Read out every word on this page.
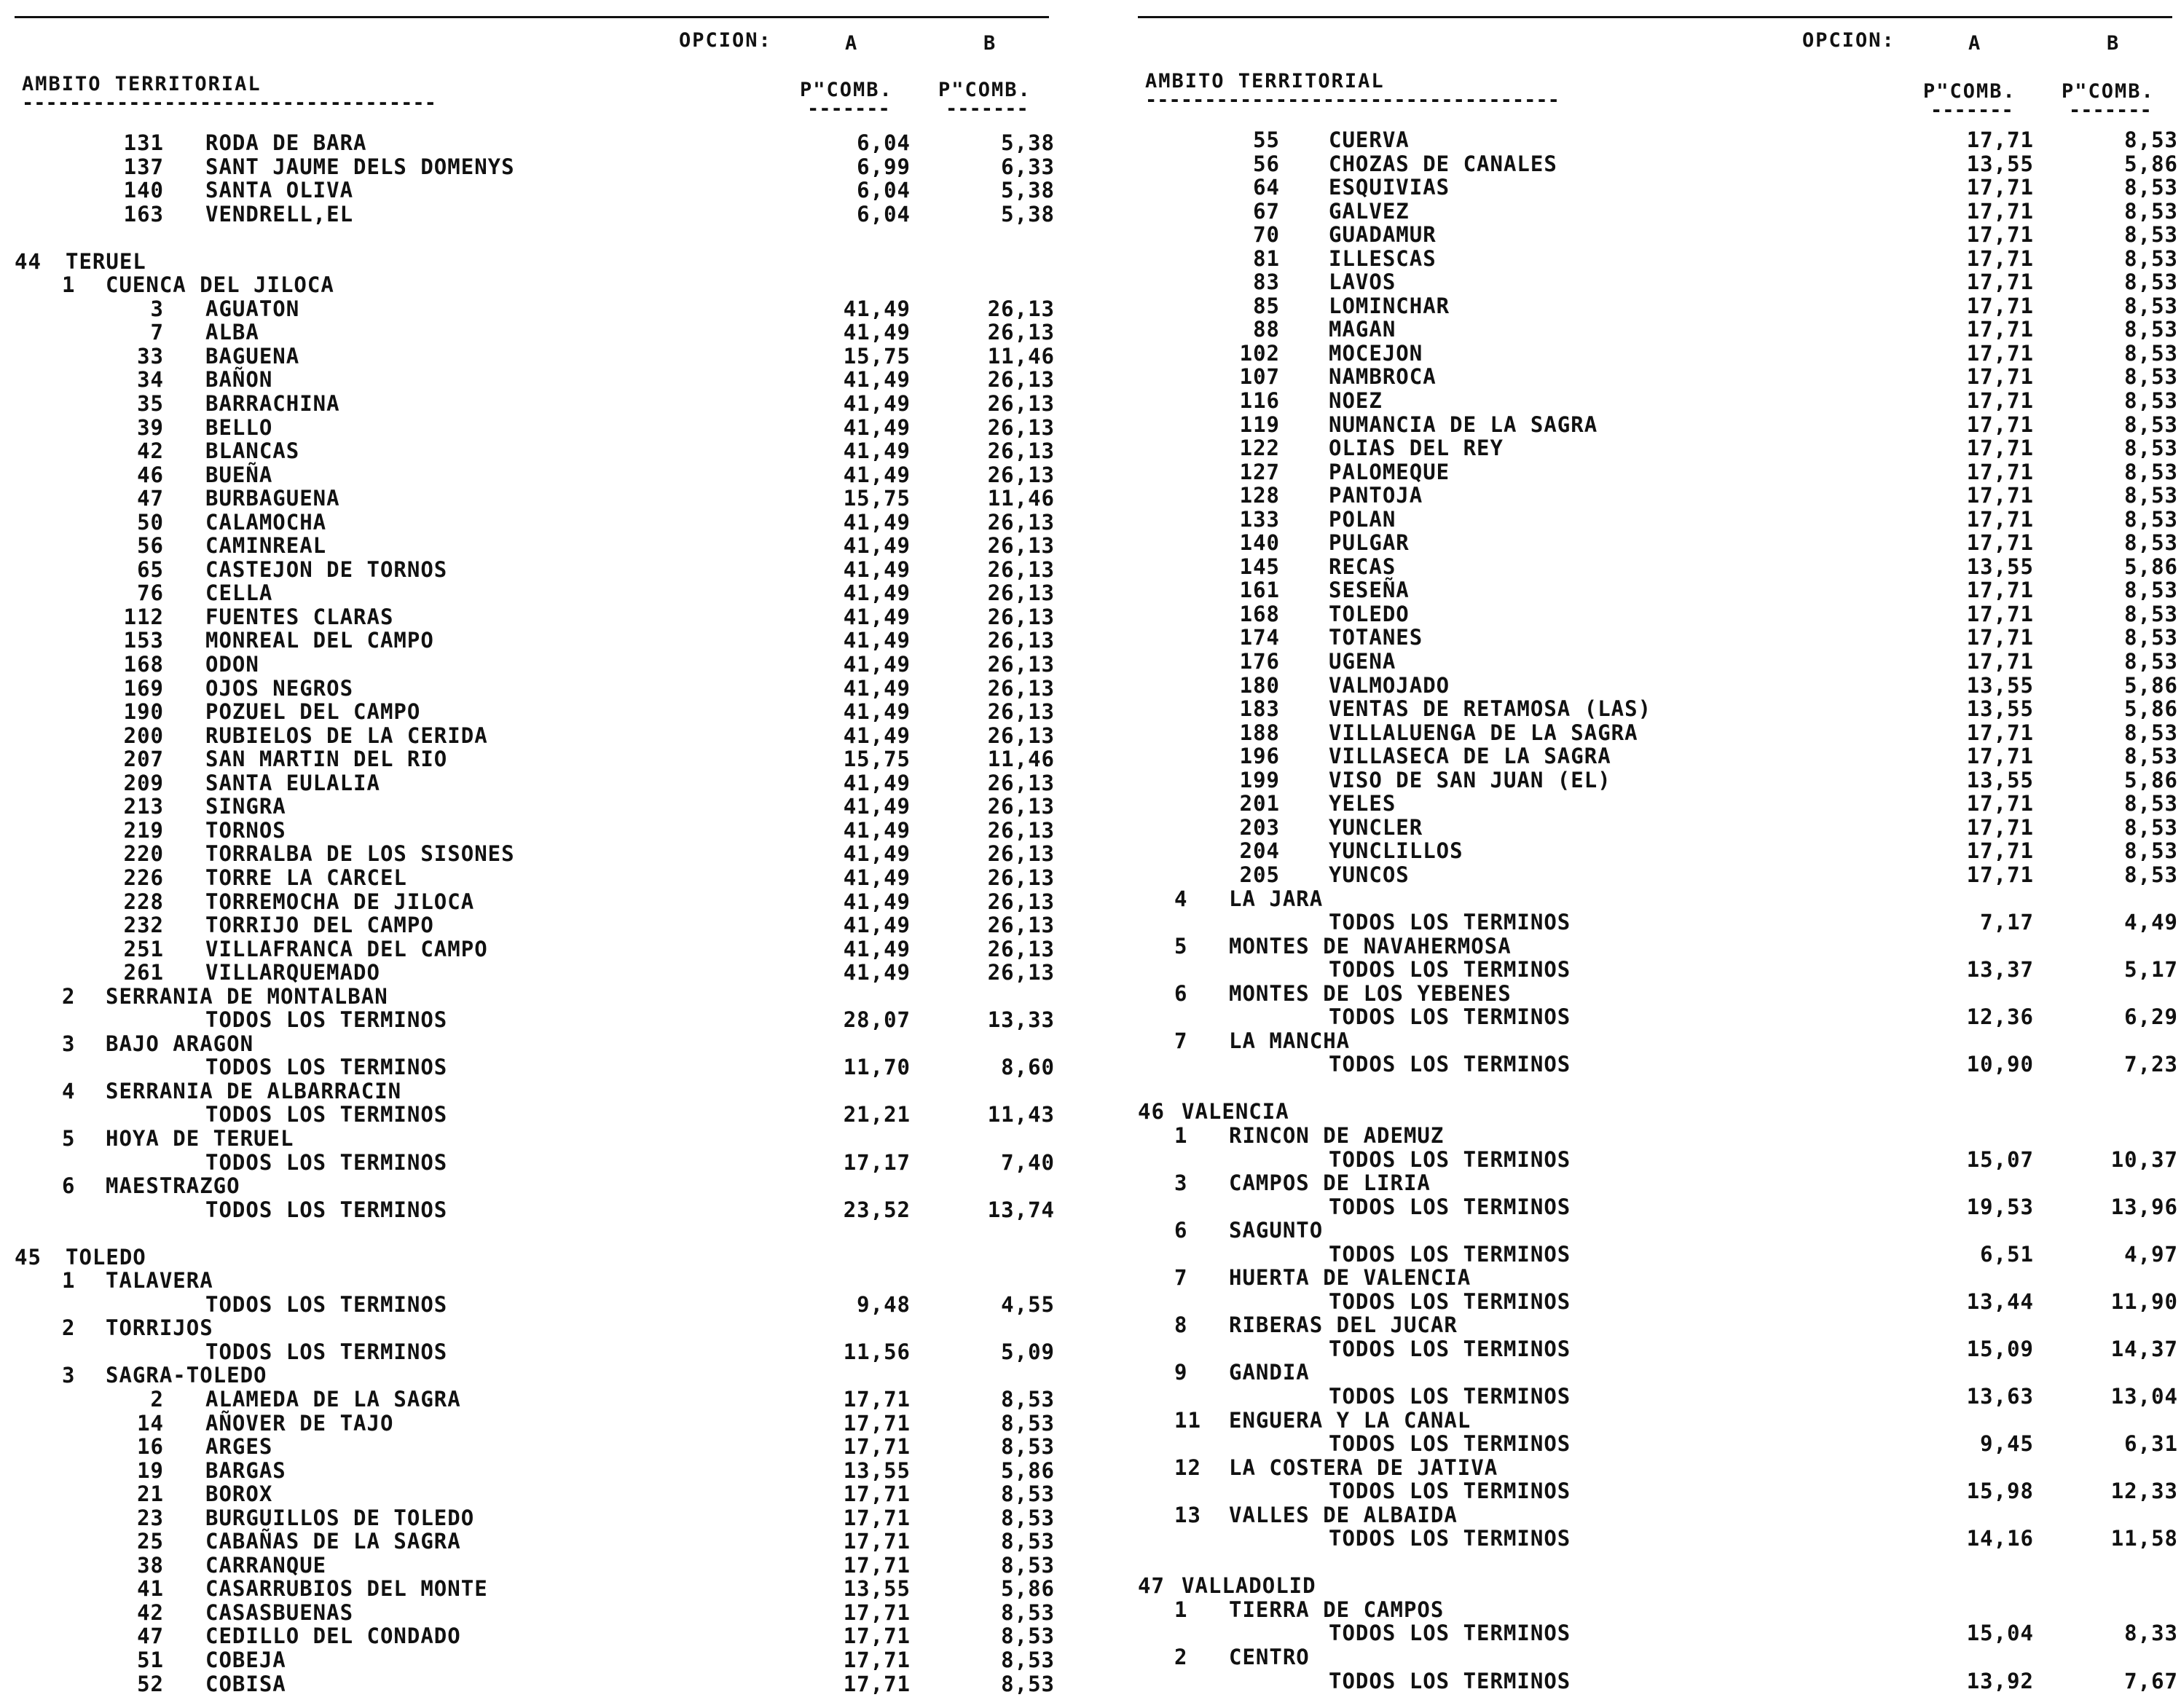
OPCION:	A	B
AMBITO TERRITORIAL
-----------------------------------
P"COMB. P"COMB.
-------	-------
131 RODA DE BARA	6,04	5,38
137 SANT JAUME DELS DOMENYS	6,99	6,33
140 SANTA OLIVA	6,04	5,38
163 VENDRELL,EL	6,04	5,38
44 TERUEL
1 CUENCA DEL JILOCA
3 AGUATON	41,49	26,13
7 ALBA	41,49	26,13
33 BAGUENA	15,75	11,46
34 BAÑON	41,49	26,13
35 BARRACHINA	41,49	26,13
39 BELLO	41,49	26,13
42 BLANCAS	41,49	26,13
46 BUEÑA	41,49	26,13
47 BURBAGUENA	15,75	11,46
50 CALAMOCHA	41,49	26,13
56 CAMINREAL	41,49	26,13
65 CASTEJON DE TORNOS	41,49	26,13
76 CELLA	41,49	26,13
112 FUENTES CLARAS	41,49	26,13
153 MONREAL DEL CAMPO	41,49	26,13
168 ODON	41,49	26,13
169 OJOS NEGROS	41,49	26,13
190 POZUEL DEL CAMPO	41,49	26,13
200 RUBIELOS DE LA CERIDA	41,49	26,13
207 SAN MARTIN DEL RIO	15,75	11,46
209 SANTA EULALIA	41,49	26,13
213 SINGRA	41,49	26,13
219 TORNOS	41,49	26,13
220 TORRALBA DE LOS SISONES	41,49	26,13
226 TORRE LA CARCEL	41,49	26,13
228 TORREMOCHA DE JILOCA	41,49	26,13
232 TORRIJO DEL CAMPO	41,49	26,13
251 VILLAFRANCA DEL CAMPO	41,49	26,13
261 VILLARQUEMADO	41,49	26,13
2 SERRANIA DE MONTALBAN
TODOS LOS TERMINOS	28,07	13,33
3 BAJO ARAGON
TODOS LOS TERMINOS	11,70	8,60
4 SERRANIA DE ALBARRACIN
TODOS LOS TERMINOS	21,21	11,43
5 HOYA DE TERUEL
TODOS LOS TERMINOS	17,17	7,40
6 MAESTRAZGO
TODOS LOS TERMINOS	23,52	13,74
45 TOLEDO
1 TALAVERA
TODOS LOS TERMINOS	9,48	4,55
2 TORRIJOS
TODOS LOS TERMINOS	11,56	5,09
3 SAGRA-TOLEDO
2 ALAMEDA DE LA SAGRA	17,71	8,53
14 AÑOVER DE TAJO	17,71	8,53
16 ARGES	17,71	8,53
19 BARGAS	13,55	5,86
21 BOROX	17,71	8,53
23 BURGUILLOS DE TOLEDO	17,71	8,53
25 CABAÑAS DE LA SAGRA	17,71	8,53
38 CARRANQUE	17,71	8,53
41 CASARRUBIOS DEL MONTE	13,55	5,86
42 CASASBUENAS	17,71	8,53
47 CEDILLO DEL CONDADO	17,71	8,53
51 COBEJA	17,71	8,53
52 COBISA	17,71	8,53
OPCION:	A	B
AMBITO TERRITORIAL
-----------------------------------	P"COMB. P"COMB.
-------	-------
55 CUERVA	17,71	8,53
56 CHOZAS DE CANALES	13,55	5,86
64 ESQUIVIAS	17,71	8,53
67 GALVEZ	17,71	8,53
70 GUADAMUR	17,71	8,53
81 ILLESCAS	17,71	8,53
83 LAVOS	17,71	8,53
85 LOMINCHAR	17,71	8,53
88 MAGAN	17,71	8,53
102 MOCEJON	17,71	8,53
107 NAMBROCA	17,71	8,53
116 NOEZ	17,71	8,53
119 NUMANCIA DE LA SAGRA	17,71	8,53
122 OLIAS DEL REY	17,71	8,53
127 PALOMEQUE	17,71	8,53
128 PANTOJA	17,71	8,53
133 POLAN	17,71	8,53
140 PULGAR	17,71	8,53
145 RECAS	13,55	5,86
161 SESEÑA	17,71	8,53
168 TOLEDO	17,71	8,53
174 TOTANES	17,71	8,53
176 UGENA	17,71	8,53
180 VALMOJADO	13,55	5,86
183 VENTAS DE RETAMOSA (LAS)	13,55	5,86
188 VILLALUENGA DE LA SAGRA	17,71	8,53
196 VILLASECA DE LA SAGRA	17,71	8,53
199 VISO DE SAN JUAN (EL)	13,55	5,86
201 YELES	17,71	8,53
203 YUNCLER	17,71	8,53
204 YUNCLILLOS	17,71	8,53
205 YUNCOS	17,71	8,53
4 LA JARA
TODOS LOS TERMINOS	7,17	4,49
5 MONTES DE NAVAHERMOSA
TODOS LOS TERMINOS	13,37	5,17
6 MONTES DE LOS YEBENES
TODOS LOS TERMINOS	12,36	6,29
7 LA MANCHA
TODOS LOS TERMINOS	10,90	7,23
46 VALENCIA
1 RINCON DE ADEMUZ
TODOS LOS TERMINOS	15,07	10,37
3 CAMPOS DE LIRIA
TODOS LOS TERMINOS	19,53	13,96
6 SAGUNTO
TODOS LOS TERMINOS	6,51	4,97
7 HUERTA DE VALENCIA
TODOS LOS TERMINOS	13,44	11,90
8 RIBERAS DEL JUCAR
TODOS LOS TERMINOS	15,09	14,37
9 GANDIA
TODOS LOS TERMINOS	13,63	13,04
11 ENGUERA Y LA CANAL
TODOS LOS TERMINOS	9,45	6,31
12 LA COSTERA DE JATIVA
TODOS LOS TERMINOS	15,98	12,33
13 VALLES DE ALBAIDA
TODOS LOS TERMINOS	14,16	11,58
47 VALLADOLID
1 TIERRA DE CAMPOS
TODOS LOS TERMINOS	15,04	8,33
2 CENTRO
TODOS LOS TERMINOS	13,92	7,67
